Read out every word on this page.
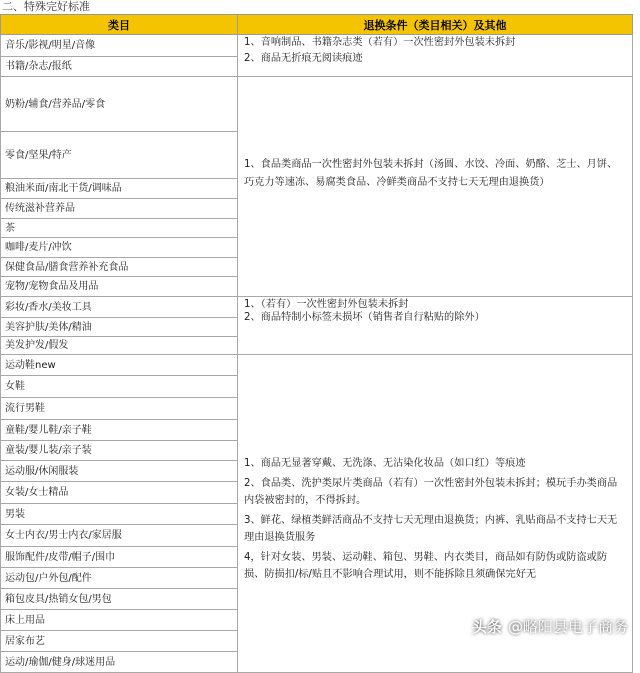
二、特殊完好标准
类目	退换条件（类目相关）及其他
音乐/影视/明星/音像	1、音响制品、书籍杂志类（若有）一次性密封外包装未拆封
2、商品无折痕无阅读痕迹

书籍/杂志/报纸	
奶粉/辅食/营养品/零食	1、食品类商品一次性密封外包装未拆封（汤圆、水饺、冷面、奶酪、芝士、月饼、巧克力等速冻、易腐类食品、冷鲜类商品不支持七天无理由退换货）

零食/坚果/特产	
粮油米面/南北干货/调味品	
传统滋补营养品	
茶	
咖啡/麦片/冲饮	
保健食品/膳食营养补充食品	
宠物/宠物食品及用品	
彩妆/香水/美妆工具	1、（若有）一次性密封外包装未拆封
2、商品特制小标签未损坏（销售者自行粘贴的除外）

美容护肤/美体/精油	
美发护发/假发	
运动鞋new	1、商品无显著穿戴、无洗涤、无沾染化妆品（如口红）等痕迹
2、食品类、洗护类尿片类商品（若有）一次性密封外包装未拆封；模玩手办类商品内袋被密封的，不得拆封。
3、鲜花、绿植类鲜活商品不支持七天无理由退换货；内裤、乳贴商品不支持七天无理由退换货服务
4，针对女装、男装、运动鞋、箱包、男鞋、内衣类目，商品如有防伪或防盗或防损、防损扣/标/贴且不影响合理试用，则不能拆除且须确保完好无

女鞋	
流行男鞋	
童鞋/婴儿鞋/亲子鞋	
童装/婴儿装/亲子装	
运动服/休闲服装	
女装/女士精品	
男装	
女士内衣/男士内衣/家居服	
服饰配件/皮带/帽子/围巾	
运动包/户外包/配件	
箱包皮具/热销女包/男包	
床上用品	
居家布艺	
运动/瑜伽/健身/球迷用品	
头条 @略阳县电子商务
